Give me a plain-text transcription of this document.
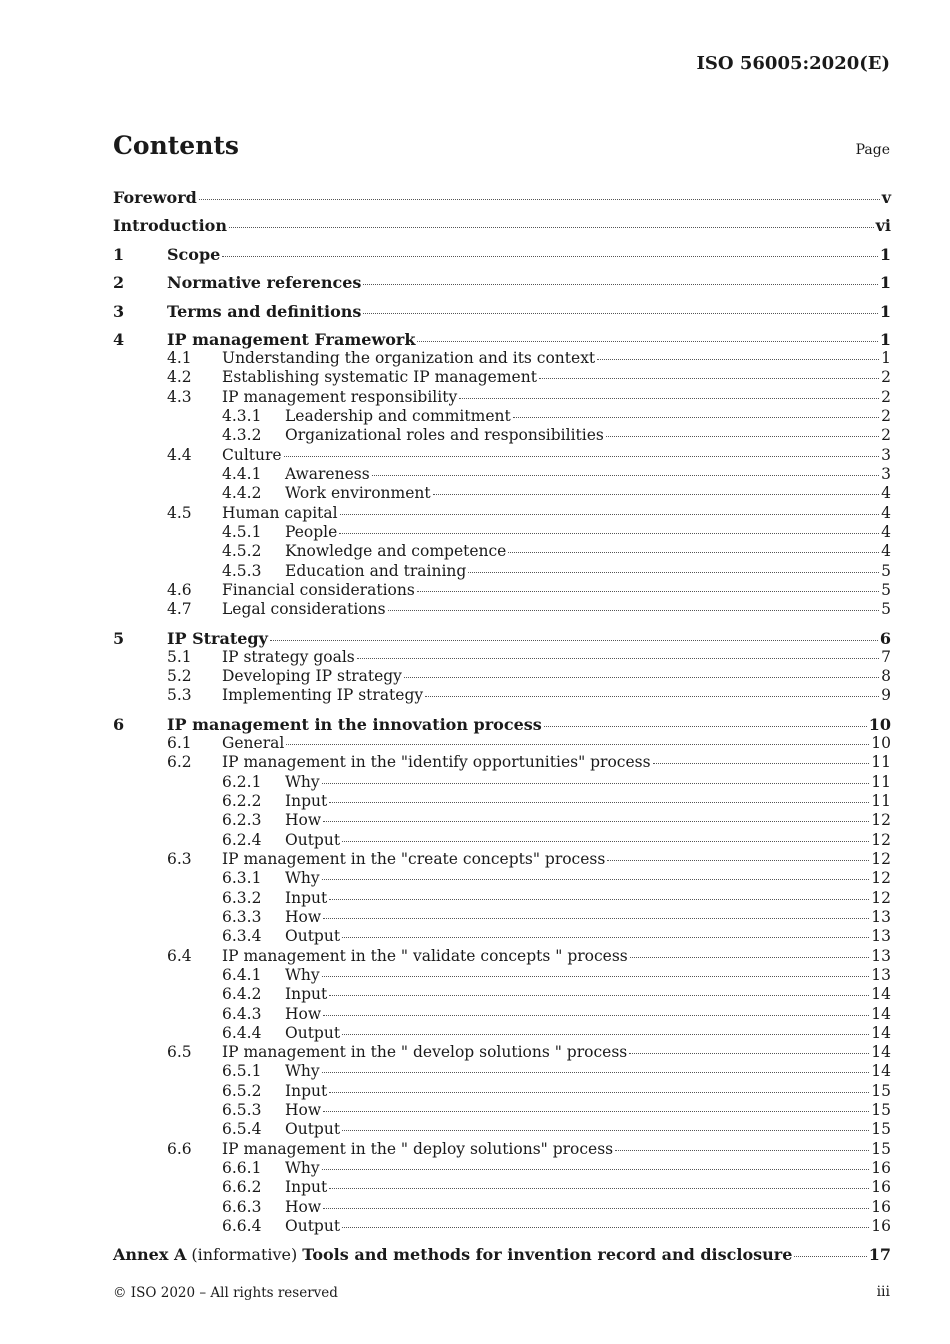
ISO 56005:2020(E)
Contents	Page
Foreword	v
Introduction	vi
1	Scope	1
2	Normative references	1
3	Terms and definitions	1
4	IP management Framework	1
4.1	Understanding the organization and its context	1
4.2	Establishing systematic IP management	2
4.3	IP management responsibility	2
4.3.1	Leadership and commitment	2
4.3.2	Organizational roles and responsibilities	2
4.4	Culture	3
4.4.1	Awareness	3
4.4.2	Work environment	4
4.5	Human capital	4
4.5.1	People	4
4.5.2	Knowledge and competence	4
4.5.3	Education and training	5
4.6	Financial considerations	5
4.7	Legal considerations	5
5	IP Strategy	6
5.1	IP strategy goals	7
5.2	Developing IP strategy	8
5.3	Implementing IP strategy	9
6	IP management in the innovation process	10
6.1	General	10
6.2	IP management in the "identify opportunities" process	11
6.2.1	Why	11
6.2.2	Input	11
6.2.3	How	12
6.2.4	Output	12
6.3	IP management in the "create concepts" process	12
6.3.1	Why	12
6.3.2	Input	12
6.3.3	How	13
6.3.4	Output	13
6.4	IP management in the " validate concepts " process	13
6.4.1	Why	13
6.4.2	Input	14
6.4.3	How	14
6.4.4	Output	14
6.5	IP management in the " develop solutions " process	14
6.5.1	Why	14
6.5.2	Input	15
6.5.3	How	15
6.5.4	Output	15
6.6	IP management in the " deploy solutions" process	15
6.6.1	Why	16
6.6.2	Input	16
6.6.3	How	16
6.6.4	Output	16
Annex A (informative) Tools and methods for invention record and disclosure	17
© ISO 2020 – All rights reserved	iii
